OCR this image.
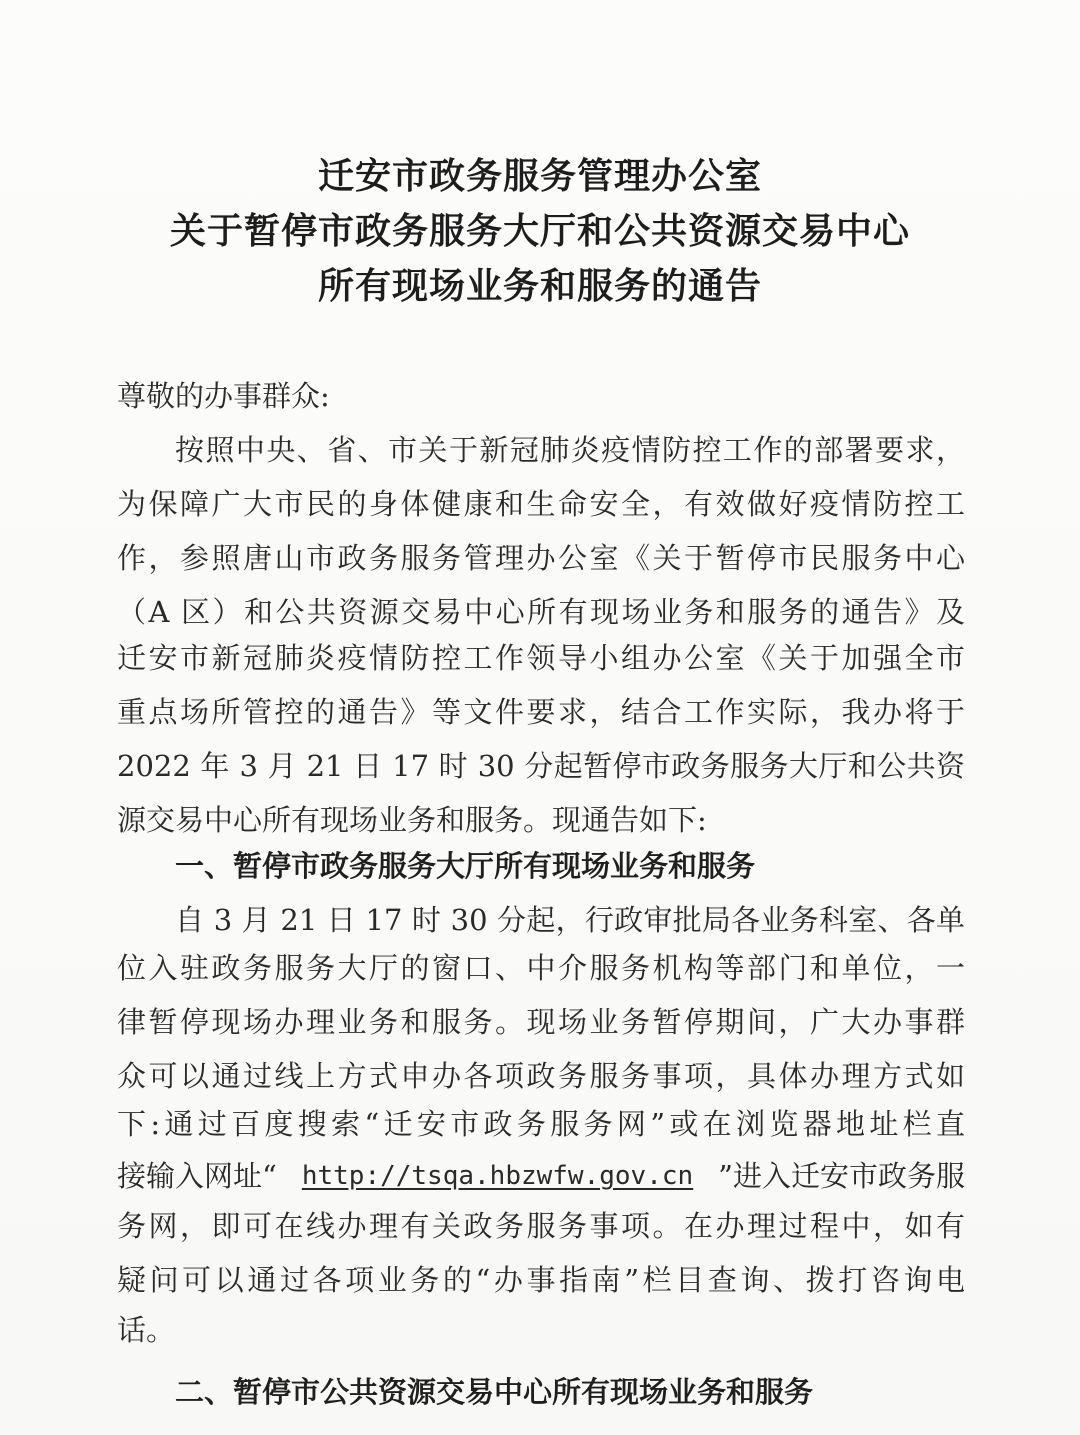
迁安市政务服务管理办公室
关于暂停市政务服务大厅和公共资源交易中心
所有现场业务和服务的通告
尊敬的办事群众:
按照中央、省、市关于新冠肺炎疫情防控工作的部署要求，
为保障广大市民的身体健康和生命安全，有效做好疫情防控工
作，参照唐山市政务服务管理办公室《关于暂停市民服务中心
（A 区）和公共资源交易中心所有现场业务和服务的通告》及
迁安市新冠肺炎疫情防控工作领导小组办公室《关于加强全市
重点场所管控的通告》等文件要求，结合工作实际，我办将于
2022 年 3 月 21 日 17 时 30 分起暂停市政务服务大厅和公共资
源交易中心所有现场业务和服务。现通告如下:
一、暂停市政务服务大厅所有现场业务和服务
自 3 月 21 日 17 时 30 分起，行政审批局各业务科室、各单
位入驻政务服务大厅的窗口、中介服务机构等部门和单位，一
律暂停现场办理业务和服务。现场业务暂停期间，广大办事群
众可以通过线上方式申办各项政务服务事项，具体办理方式如
下:通过百度搜索“迁安市政务服务网”或在浏览器地址栏直
接输入网址“ http://tsqa.hbzwfw.gov.cn ”进入迁安市政务服
务网，即可在线办理有关政务服务事项。在办理过程中，如有
疑问可以通过各项业务的“办事指南”栏目查询、拨打咨询电
话。
二、暂停市公共资源交易中心所有现场业务和服务
